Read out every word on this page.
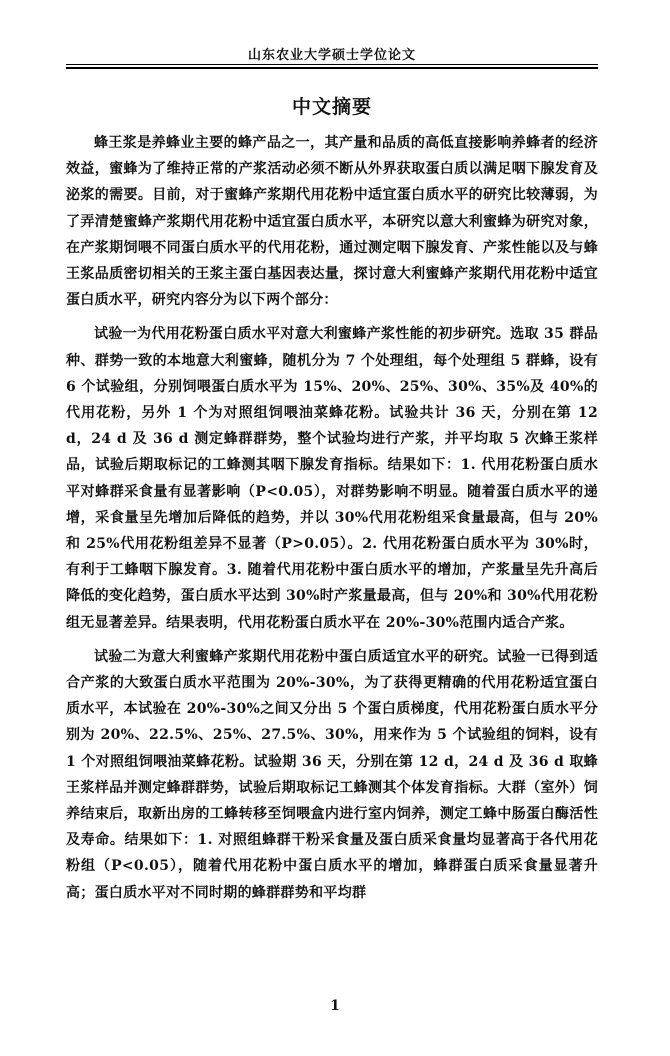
山东农业大学硕士学位论文
中文摘要

蜂王浆是养蜂业主要的蜂产品之一，其产量和品质的高低直接影响养蜂者的经济效益，蜜蜂为了维持正常的产浆活动必须不断从外界获取蛋白质以满足咽下腺发育及泌浆的需要。目前，对于蜜蜂产浆期代用花粉中适宜蛋白质水平的研究比较薄弱，为了弄清楚蜜蜂产浆期代用花粉中适宜蛋白质水平，本研究以意大利蜜蜂为研究对象，在产浆期饲喂不同蛋白质水平的代用花粉，通过测定咽下腺发育、产浆性能以及与蜂王浆品质密切相关的王浆主蛋白基因表达量，探讨意大利蜜蜂产浆期代用花粉中适宜蛋白质水平，研究内容分为以下两个部分：

试验一为代用花粉蛋白质水平对意大利蜜蜂产浆性能的初步研究。选取 35 群品种、群势一致的本地意大利蜜蜂，随机分为 7 个处理组，每个处理组 5 群蜂，设有 6 个试验组，分别饲喂蛋白质水平为 15%、20%、25%、30%、35%及 40%的代用花粉，另外 1 个为对照组饲喂油菜蜂花粉。试验共计 36 天，分别在第 12 d，24 d 及 36 d 测定蜂群群势，整个试验均进行产浆，并平均取 5 次蜂王浆样品，试验后期取标记的工蜂测其咽下腺发育指标。结果如下：1. 代用花粉蛋白质水平对蜂群采食量有显著影响（P<0.05），对群势影响不明显。随着蛋白质水平的递增，采食量呈先增加后降低的趋势，并以 30%代用花粉组采食量最高，但与 20%和 25%代用花粉组差异不显著（P>0.05）。2. 代用花粉蛋白质水平为 30%时，有利于工蜂咽下腺发育。3. 随着代用花粉中蛋白质水平的增加，产浆量呈先升高后降低的变化趋势，蛋白质水平达到 30%时产浆量最高，但与 20%和 30%代用花粉组无显著差异。结果表明，代用花粉蛋白质水平在 20%-30%范围内适合产浆。

试验二为意大利蜜蜂产浆期代用花粉中蛋白质适宜水平的研究。试验一已得到适合产浆的大致蛋白质水平范围为 20%-30%，为了获得更精确的代用花粉适宜蛋白质水平，本试验在 20%-30%之间又分出 5 个蛋白质梯度，代用花粉蛋白质水平分别为 20%、22.5%、25%、27.5%、30%，用来作为 5 个试验组的饲料，设有 1 个对照组饲喂油菜蜂花粉。试验期 36 天，分别在第 12 d，24 d 及 36 d 取蜂王浆样品并测定蜂群群势，试验后期取标记工蜂测其个体发育指标。大群（室外）饲养结束后，取新出房的工蜂转移至饲喂盒内进行室内饲养，测定工蜂中肠蛋白酶活性及寿命。结果如下：1. 对照组蜂群干粉采食量及蛋白质采食量均显著高于各代用花粉组（P<0.05），随着代用花粉中蛋白质水平的增加，蜂群蛋白质采食量显著升高；蛋白质水平对不同时期的蜂群群势和平均群

1
